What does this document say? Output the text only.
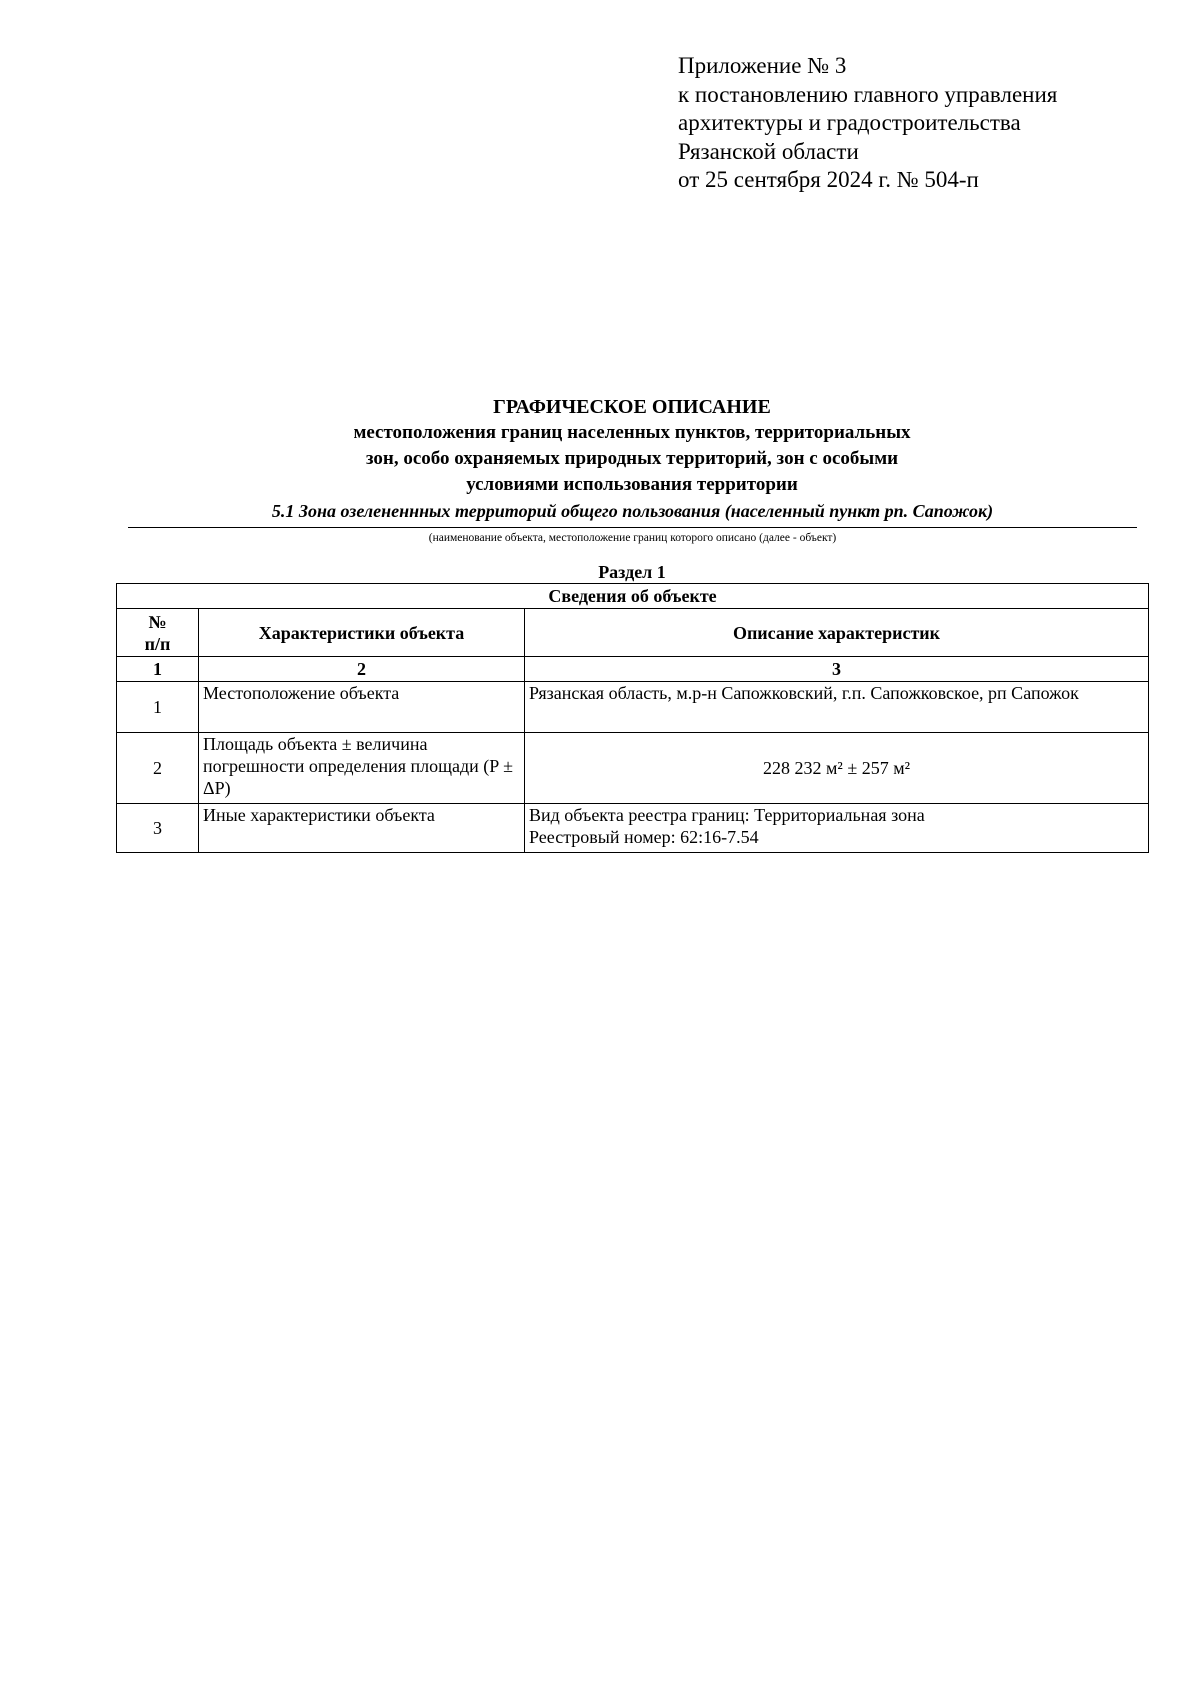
Приложение № 3
к постановлению главного управления
архитектуры и градостроительства
Рязанской области
от 25 сентября 2024 г. № 504-п
ГРАФИЧЕСКОЕ ОПИСАНИЕ
местоположения границ населенных пунктов, территориальных
зон, особо охраняемых природных территорий, зон с особыми
условиями использования территории
5.1 Зона озелененнных территорий общего пользования (населенный пункт рп. Сапожок)
(наименование объекта, местоположение границ которого описано (далее - объект)
Раздел 1
Сведения об объекте		

№
п/п	Характеристики объекта	Описание характеристик
1	2	3
1	Местоположение объекта	Рязанская область, м.р-н Сапожковский, г.п. Сапожковское, рп Сапожок
2	Площадь объекта ± величина погрешности определения площади (P ± ΔP)	228 232 м² ± 257 м²
3	Иные характеристики объекта	Вид объекта реестра границ: Территориальная зона
Реестровый номер: 62:16-7.54
